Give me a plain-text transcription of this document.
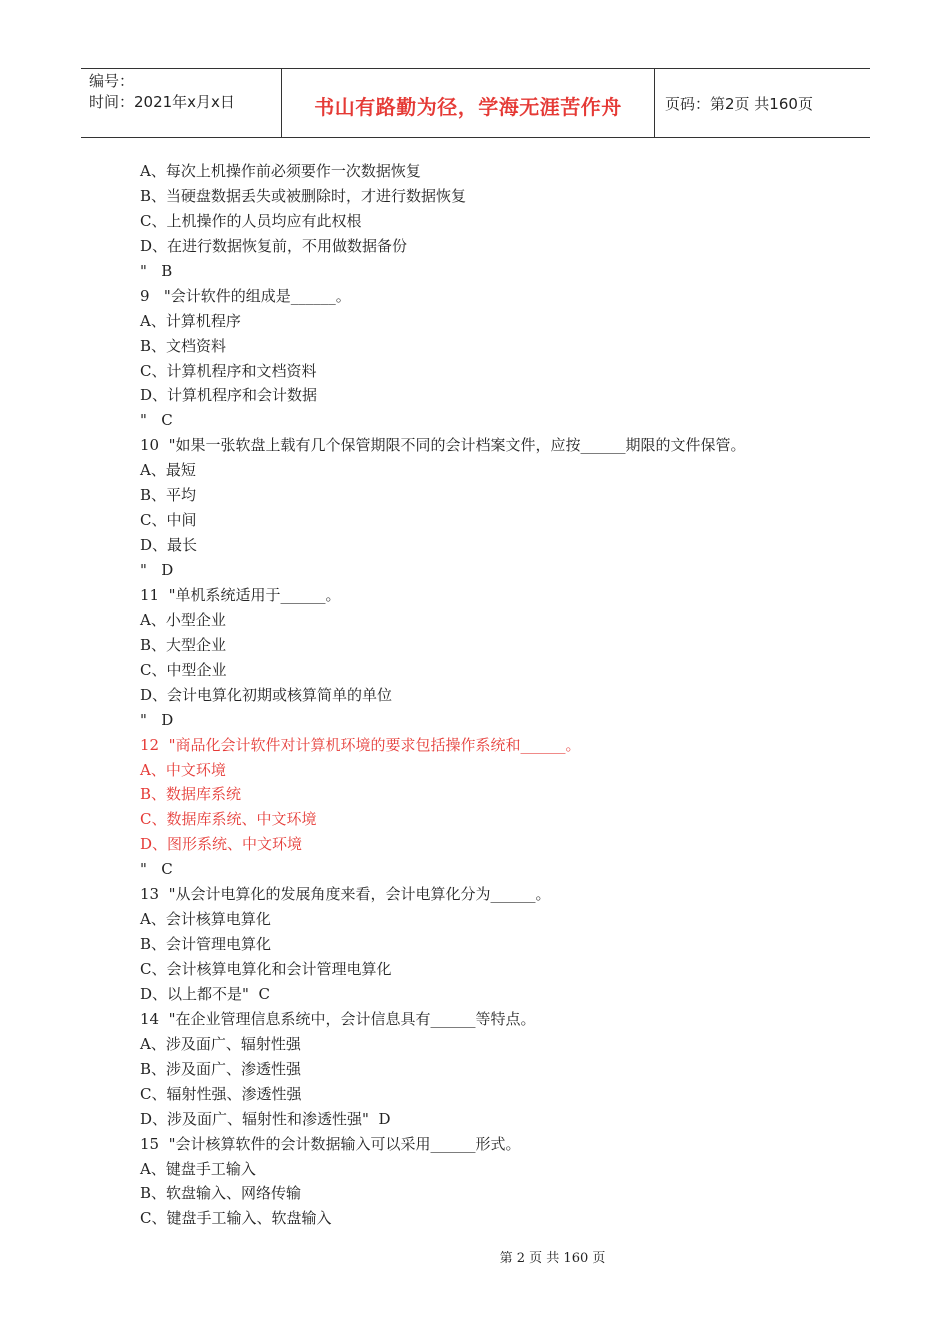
编号：
时间：2021年x月x日	书山有路勤为径，学海无涯苦作舟	页码：第2页 共160页
A、每次上机操作前必须要作一次数据恢复
B、当硬盘数据丢失或被删除时，才进行数据恢复
C、上机操作的人员均应有此权根
D、在进行数据恢复前，不用做数据备份
"   B
9   "会计软件的组成是______。
A、计算机程序
B、文档资料
C、计算机程序和文档资料
D、计算机程序和会计数据
"   C
10  "如果一张软盘上载有几个保管期限不同的会计档案文件，应按______期限的文件保管。
A、最短
B、平均
C、中间
D、最长
"   D
11  "单机系统适用于______。
A、小型企业
B、大型企业
C、中型企业
D、会计电算化初期或核算简单的单位
"   D
12  "商品化会计软件对计算机环境的要求包括操作系统和______。
A、中文环境
B、数据库系统
C、数据库系统、中文环境
D、图形系统、中文环境
"   C
13  "从会计电算化的发展角度来看，会计电算化分为______。
A、会计核算电算化
B、会计管理电算化
C、会计核算电算化和会计管理电算化
D、以上都不是"  C
14  "在企业管理信息系统中，会计信息具有______等特点。
A、涉及面广、辐射性强
B、涉及面广、渗透性强
C、辐射性强、渗透性强
D、涉及面广、辐射性和渗透性强"  D
15  "会计核算软件的会计数据输入可以采用______形式。
A、键盘手工输入
B、软盘输入、网络传输
C、键盘手工输入、软盘输入
第 2 页 共 160 页
